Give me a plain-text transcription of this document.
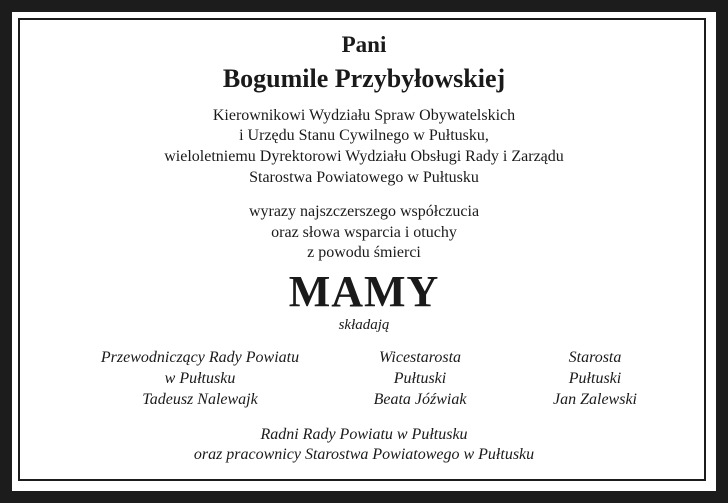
Pani
Bogumile Przybyłowskiej
Kierownikowi Wydziału Spraw Obywatelskich
i Urzędu Stanu Cywilnego w Pułtusku,
wieloletniemu Dyrektorowi Wydziału Obsługi Rady i Zarządu
Starostwa Powiatowego w Pułtusku
wyrazy najszczerszego współczucia
oraz słowa wsparcia i otuchy
z powodu śmierci
MAMY
składają
Przewodniczący Rady Powiatu
w Pułtusku
Tadeusz Nalewajk
Wicestarosta
Pułtuski
Beata Jóźwiak
Starosta
Pułtuski
Jan Zalewski
Radni Rady Powiatu w Pułtusku
oraz pracownicy Starostwa Powiatowego w Pułtusku
